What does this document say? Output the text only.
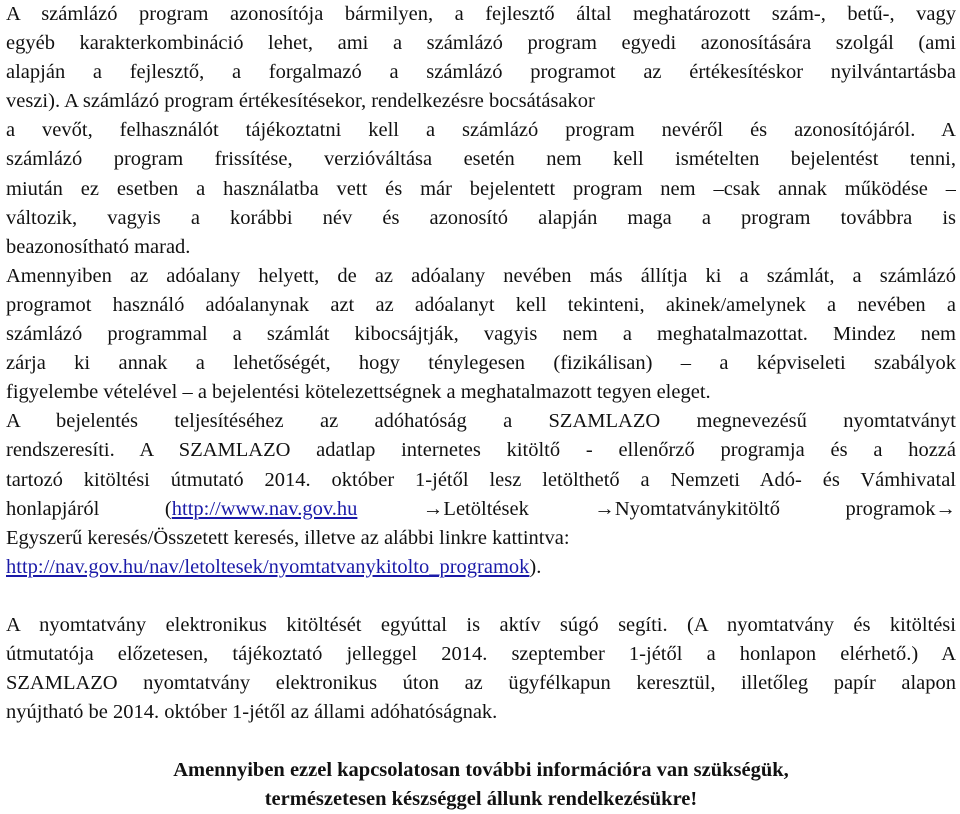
A számlázó program azonosítója bármilyen, a fejlesztő által meghatározott szám-, betű-, vagy
egyéb karakterkombináció lehet, ami a számlázó program egyedi azonosítására szolgál (ami
alapján a fejlesztő, a forgalmazó a számlázó programot az értékesítéskor nyilvántartásba
veszi). A számlázó program értékesítésekor, rendelkezésre bocsátásakor
a vevőt, felhasználót tájékoztatni kell a számlázó program nevéről és azonosítójáról. A
számlázó program frissítése, verzióváltása esetén nem kell ismételten bejelentést tenni,
miután ez esetben a használatba vett és már bejelentett program nem –csak annak működése –
változik, vagyis a korábbi név és azonosító alapján maga a program továbbra is
beazonosítható marad.
Amennyiben az adóalany helyett, de az adóalany nevében más állítja ki a számlát, a számlázó
programot használó adóalanynak azt az adóalanyt kell tekinteni, akinek/amelynek a nevében a
számlázó programmal a számlát kibocsájtják, vagyis nem a meghatalmazottat. Mindez nem
zárja ki annak a lehetőségét, hogy ténylegesen (fizikálisan) – a képviseleti szabályok
figyelembe vételével – a bejelentési kötelezettségnek a meghatalmazott tegyen eleget.
A bejelentés teljesítéséhez az adóhatóság a SZAMLAZO megnevezésű nyomtatványt
rendszeresíti. A SZAMLAZO adatlap internetes kitöltő - ellenőrző programja és a hozzá
tartozó kitöltési útmutató 2014. október 1-jétől lesz letölthető a Nemzeti Adó- és Vámhivatal
honlapjáról (http://www.nav.gov.hu →Letöltések →Nyomtatványkitöltő programok→
Egyszerű keresés/Összetett keresés, illetve az alábbi linkre kattintva:
http://nav.gov.hu/nav/letoltesek/nyomtatvanykitolto_programok).
A nyomtatvány elektronikus kitöltését egyúttal is aktív súgó segíti. (A nyomtatvány és kitöltési
útmutatója előzetesen, tájékoztató jelleggel 2014. szeptember 1-jétől a honlapon elérhető.) A
SZAMLAZO nyomtatvány elektronikus úton az ügyfélkapun keresztül, illetőleg papír alapon
nyújtható be 2014. október 1-jétől az állami adóhatóságnak.
Amennyiben ezzel kapcsolatosan további információra van szükségük,
természetesen készséggel állunk rendelkezésükre!
